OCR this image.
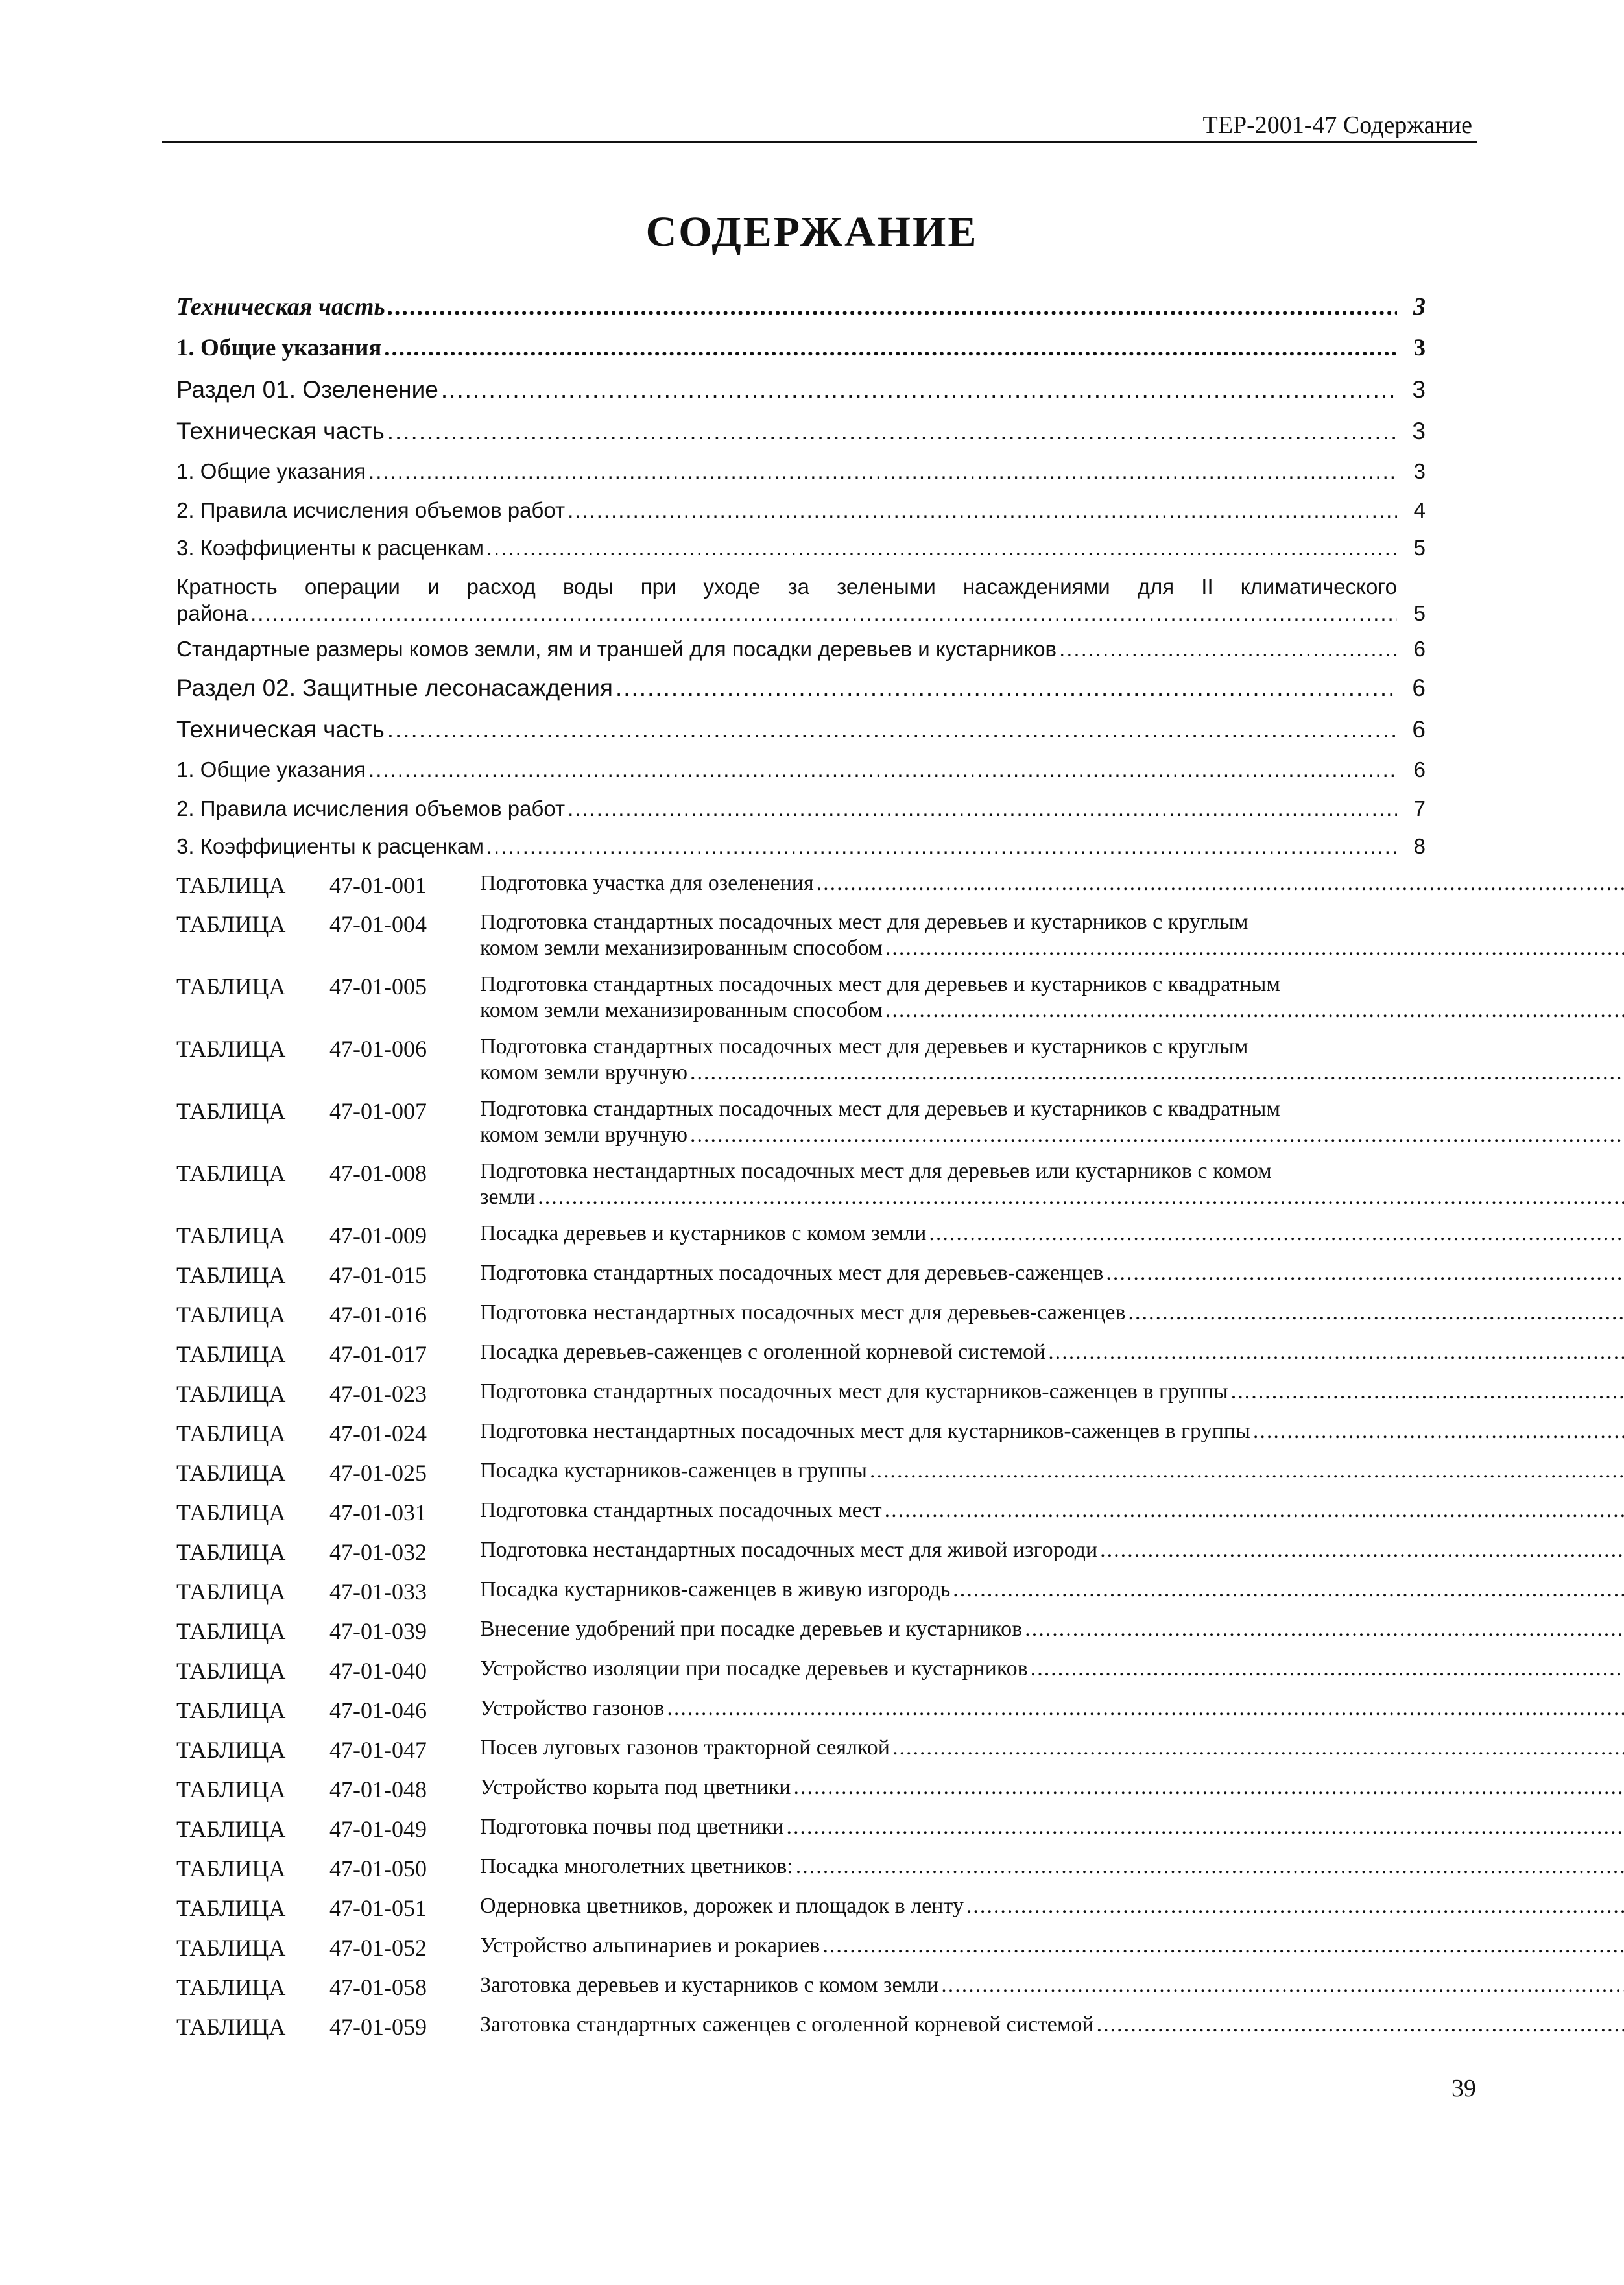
ТЕР-2001-47 Содержание
СОДЕРЖАНИЕ
Техническая часть .....	3
1. Общие указания .....	3
Раздел 01. Озеленение .....	3
Техническая часть .....	3
1. Общие указания .....	3
2. Правила исчисления объемов работ .....	4
3. Коэффициенты к расценкам .....	5
Кратность операции и расход воды при уходе за зелеными насаждениями для II климатического
района .....	5
Стандартные размеры комов земли, ям и траншей для посадки деревьев и кустарников .....	6
Раздел 02. Защитные лесонасаждения .....	6
Техническая часть .....	6
1. Общие указания .....	6
2. Правила исчисления объемов работ .....	7
3. Коэффициенты к расценкам .....	8
ТАБЛИЦА	47-01-001	Подготовка участка для озеленения
.....
ТАБЛИЦА	47-01-004	Подготовка стандартных посадочных мест для деревьев и кустарников с круглым
комом земли механизированным способом
.....
ТАБЛИЦА	47-01-005	Подготовка стандартных посадочных мест для деревьев и кустарников с квадратным
комом земли механизированным способом
.....
ТАБЛИЦА	47-01-006	Подготовка стандартных посадочных мест для деревьев и кустарников с круглым
комом земли вручную
.....
ТАБЛИЦА	47-01-007	Подготовка стандартных посадочных мест для деревьев и кустарников с квадратным
комом земли вручную
.....
ТАБЛИЦА	47-01-008	Подготовка нестандартных посадочных мест для деревьев или кустарников с комом
земли
.....
ТАБЛИЦА	47-01-009	Посадка деревьев и кустарников с комом земли
.....
ТАБЛИЦА	47-01-015	Подготовка стандартных посадочных мест для деревьев-саженцев
.....
ТАБЛИЦА	47-01-016	Подготовка нестандартных посадочных мест для деревьев-саженцев
.....
ТАБЛИЦА	47-01-017	Посадка деревьев-саженцев с оголенной корневой системой
.....
ТАБЛИЦА	47-01-023	Подготовка стандартных посадочных мест для кустарников-саженцев в группы
.....
ТАБЛИЦА	47-01-024	Подготовка нестандартных посадочных мест для кустарников-саженцев в группы
.....
ТАБЛИЦА	47-01-025	Посадка кустарников-саженцев в группы
.....
ТАБЛИЦА	47-01-031	Подготовка стандартных посадочных мест
.....
ТАБЛИЦА	47-01-032	Подготовка нестандартных посадочных мест для живой изгороди
.....
ТАБЛИЦА	47-01-033	Посадка кустарников-саженцев в живую изгородь
.....
ТАБЛИЦА	47-01-039	Внесение удобрений при посадке деревьев и кустарников
.....
ТАБЛИЦА	47-01-040	Устройство изоляции при посадке деревьев и кустарников
.....
ТАБЛИЦА	47-01-046	Устройство газонов
.....
ТАБЛИЦА	47-01-047	Посев луговых газонов тракторной сеялкой
.....
ТАБЛИЦА	47-01-048	Устройство корыта под цветники
.....
ТАБЛИЦА	47-01-049	Подготовка почвы под цветники
.....
ТАБЛИЦА	47-01-050	Посадка многолетних цветников:
.....
ТАБЛИЦА	47-01-051	Одерновка цветников, дорожек и площадок в ленту
.....
ТАБЛИЦА	47-01-052	Устройство альпинариев и рокариев
.....
ТАБЛИЦА	47-01-058	Заготовка деревьев и кустарников с комом земли
.....
ТАБЛИЦА	47-01-059	Заготовка стандартных саженцев с оголенной корневой системой
.....
39
